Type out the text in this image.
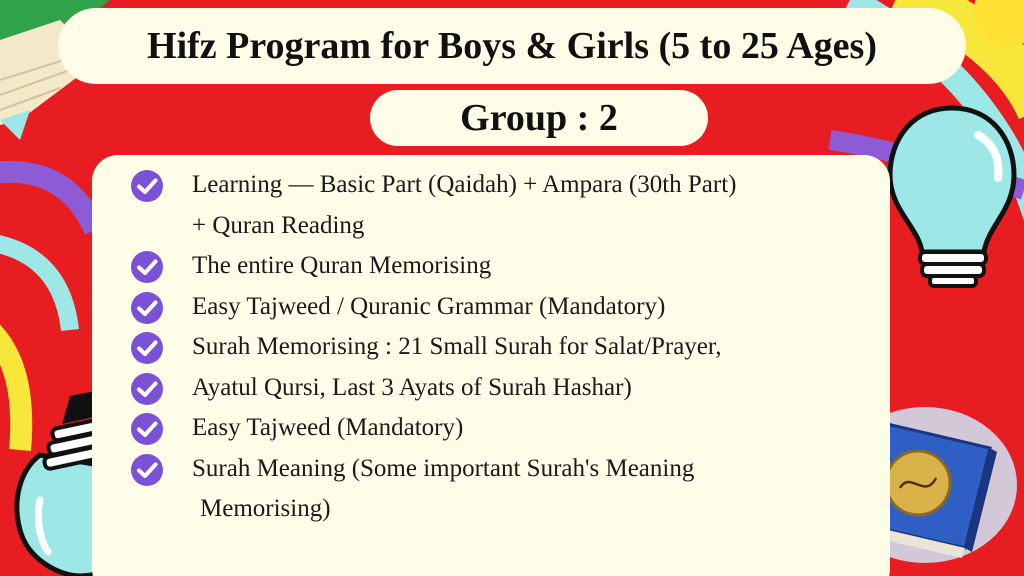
Hifz Program for Boys & Girls (5 to 25 Ages)
Group : 2
Learning — Basic Part (Qaidah) + Ampara (30th Part)
+ Quran Reading
The entire Quran Memorising
Easy Tajweed / Quranic Grammar (Mandatory)
Surah Memorising : 21 Small Surah for Salat/Prayer,
Ayatul Qursi, Last 3 Ayats of Surah Hashar)
Easy Tajweed (Mandatory)
Surah Meaning (Some important Surah's Meaning
Memorising)
